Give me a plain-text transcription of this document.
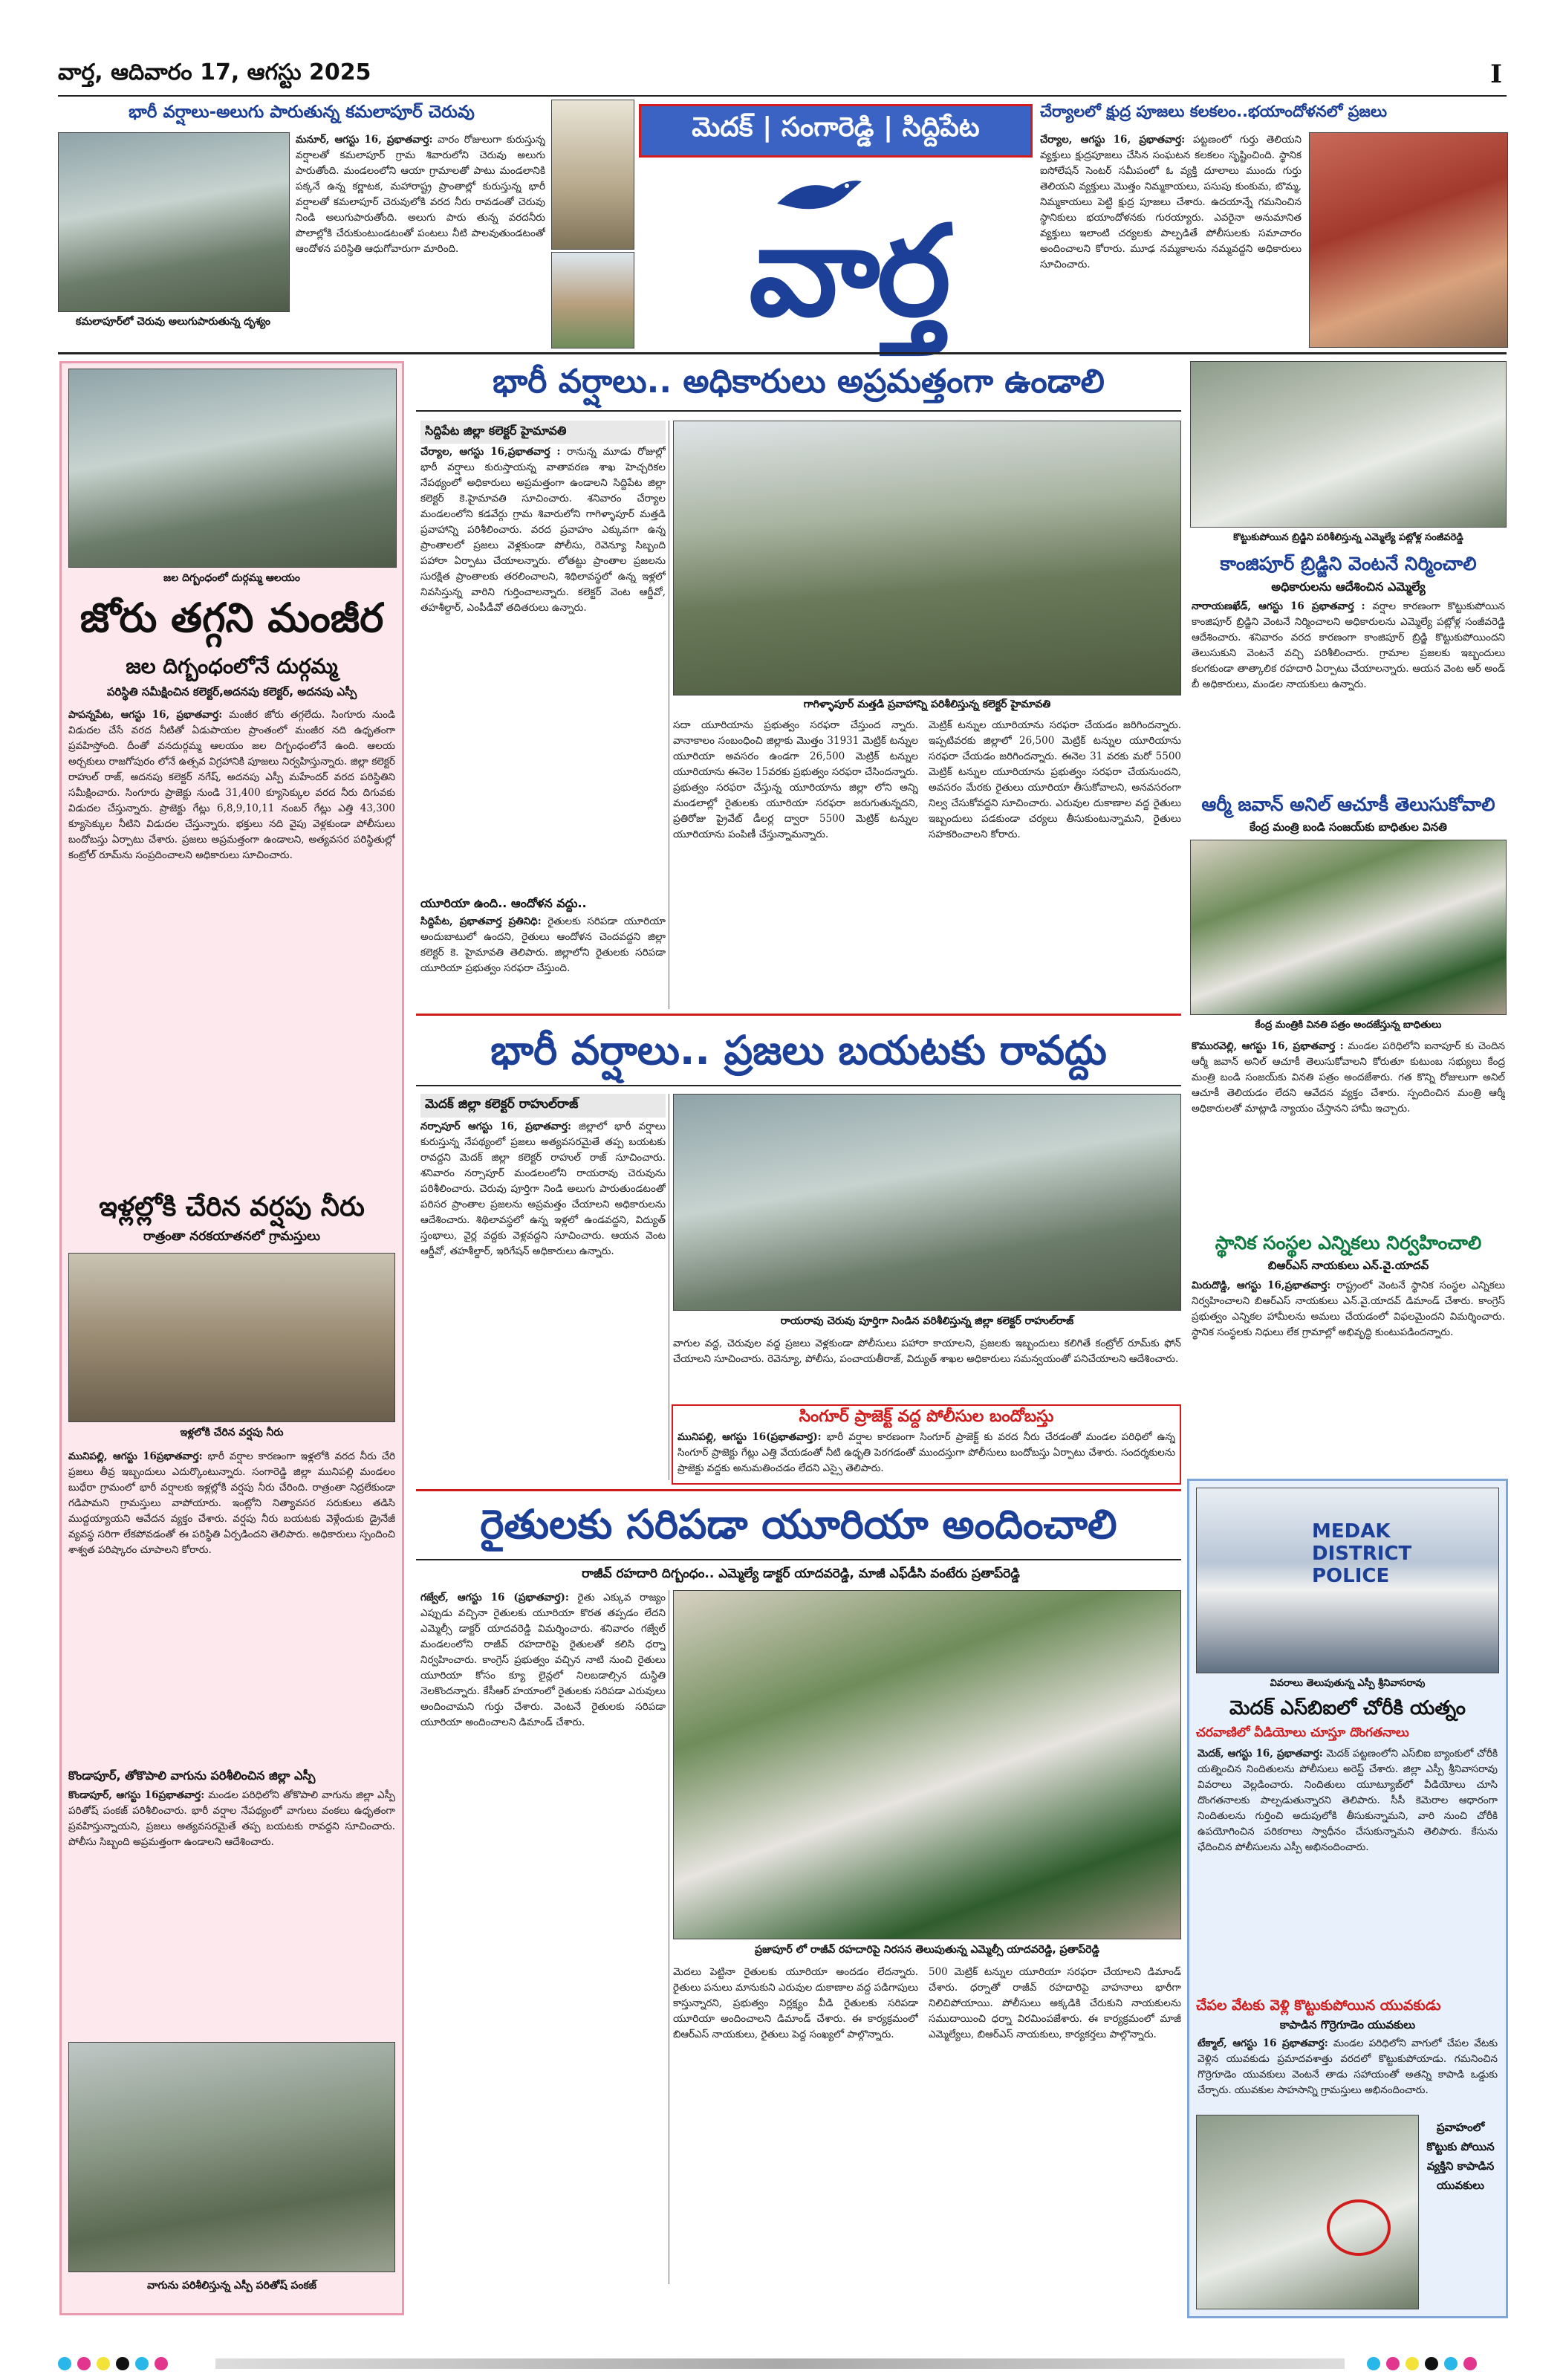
వార్త, ఆదివారం 17, ఆగస్టు 2025	I
భారీ వర్షాలు-అలుగు పారుతున్న కమలాపూర్ చెరువు
మనూర్, ఆగస్టు 16, ప్రభాతవార్త: వారం రోజులుగా కురుస్తున్న వర్షాలతో కమలాపూర్ గ్రామ శివారులోని చెరువు అలుగు పారుతోంది. మండలంలోని ఆయా గ్రామాలతో పాటు మండలానికి పక్కనే ఉన్న కర్ణాటక, మహారాష్ట్ర ప్రాంతాల్లో కురుస్తున్న భారీ వర్షాలతో కమలాపూర్ చెరువులోకి వరద నీరు రావడంతో చెరువు నిండి అలుగుపారుతోంది. అలుగు పారు తున్న వరదనీరు పొలాల్లోకి చేరుకుంటుండటంతో పంటలు నీటి పాలవుతుండటంతో ఆందోళన పరిస్థితి ఆధుగోవారుగా మారింది.
కమలాపూర్‌లో చెరువు అలుగుపారుతున్న దృశ్యం
మెదక్ | సంగారెడ్డి | సిద్దిపేట
వార్త
చేర్యాలలో క్షుద్ర పూజలు కలకలం..భయాందోళనలో ప్రజలు
చేర్యాల, ఆగస్టు 16, ప్రభాతవార్త: పట్టణంలో గుర్తు తెలియని వ్యక్తులు క్షుద్రపూజలు చేసిన సంఘటన కలకలం సృష్టించింది. స్థానిక ఐసోలేషన్ సెంటర్ సమీపంలో ఓ వ్యక్తి దూలాలు ముందు గుర్తు తెలియని వ్యక్తులు మొత్తం నిమ్మకాయలు, పసుపు కుంకుమ, బొమ్మ, నిమ్మకాయలు పెట్టి క్షుద్ర పూజలు చేశారు. ఉదయాన్నే గమనించిన స్థానికులు భయాందోళనకు గురయ్యారు. ఎవరైనా అనుమానిత వ్యక్తులు ఇలాంటి చర్యలకు పాల్పడితే పోలీసులకు సమాచారం అందించాలని కోరారు. మూఢ నమ్మకాలను నమ్మవద్దని అధికారులు సూచించారు.
జల దిగ్బంధంలో దుర్గమ్మ ఆలయం
జోరు తగ్గని మంజీర
జల దిగ్బంధంలోనే దుర్గమ్మ
పరిస్థితి సమీక్షించిన కలెక్టర్,అదనపు కలెక్టర్, అదనపు ఎస్పీ
పాపన్నపేట, ఆగస్టు 16, ప్రభాతవార్త: మంజీర జోరు తగ్గలేదు. సింగూరు నుండి విడుదల చేసే వరద నీటితో ఏడుపాయల ప్రాంతంలో మంజీర నది ఉధృతంగా ప్రవహిస్తోంది. దీంతో వనదుర్గమ్మ ఆలయం జల దిగ్బంధంలోనే ఉంది. ఆలయ అర్చకులు రాజగోపురం లోనే ఉత్సవ విగ్రహానికి పూజలు నిర్వహిస్తున్నారు. జిల్లా కలెక్టర్ రాహుల్ రాజ్, అదనపు కలెక్టర్ నగేష్, అదనపు ఎస్పీ మహేందర్ వరద పరిస్థితిని సమీక్షించారు. సింగూరు ప్రాజెక్టు నుండి 31,400 క్యూసెక్కుల వరద నీరు దిగువకు విడుదల చేస్తున్నారు. ప్రాజెక్టు గేట్లు 6,8,9,10,11 నంబర్ గేట్లు ఎత్తి 43,300 క్యూసెక్కుల నీటిని విడుదల చేస్తున్నారు. భక్తులు నది వైపు వెళ్లకుండా పోలీసులు బందోబస్తు ఏర్పాటు చేశారు. ప్రజలు అప్రమత్తంగా ఉండాలని, అత్యవసర పరిస్థితుల్లో కంట్రోల్ రూమ్‌ను సంప్రదించాలని అధికారులు సూచించారు.
ఇళ్లల్లోకి చేరిన వర్షపు నీరు
రాత్రంతా నరకయాతనలో గ్రామస్తులు
ఇళ్లలోకి చేరిన వర్షపు నీరు
మునిపల్లి, ఆగస్టు 16ప్రభాతవార్త: భారీ వర్షాల కారణంగా ఇళ్లలోకి వరద నీరు చేరి ప్రజలు తీవ్ర ఇబ్బందులు ఎదుర్కొంటున్నారు. సంగారెడ్డి జిల్లా మునిపల్లి మండలం బుధేరా గ్రామంలో భారీ వర్షాలకు ఇళ్లల్లోకి వర్షపు నీరు చేరింది. రాత్రంతా నిద్రలేకుండా గడిపామని గ్రామస్తులు వాపోయారు. ఇంట్లోని నిత్యావసర సరుకులు తడిసి ముద్దయ్యాయని ఆవేదన వ్యక్తం చేశారు. వర్షపు నీరు బయటకు వెళ్లేందుకు డ్రైనేజీ వ్యవస్థ సరిగా లేకపోవడంతో ఈ పరిస్థితి ఏర్పడిందని తెలిపారు. అధికారులు స్పందించి శాశ్వత పరిష్కారం చూపాలని కోరారు.
కొండాపూర్, తోకొపాలి వాగును పరిశీలించిన జిల్లా ఎస్పీ
కొండాపూర్, ఆగస్టు 16ప్రభాతవార్త: మండల పరిధిలోని తోకొపాలి వాగును జిల్లా ఎస్పీ పరితోష్ పంకజ్ పరిశీలించారు. భారీ వర్షాల నేపథ్యంలో వాగులు వంకలు ఉధృతంగా ప్రవహిస్తున్నాయని, ప్రజలు అత్యవసరమైతే తప్ప బయటకు రావద్దని సూచించారు. పోలీసు సిబ్బంది అప్రమత్తంగా ఉండాలని ఆదేశించారు.
వాగును పరిశీలిస్తున్న ఎస్పీ పరితోష్ పంకజ్
భారీ వర్షాలు.. అధికారులు అప్రమత్తంగా ఉండాలి
సిద్దిపేట జిల్లా కలెక్టర్ హైమావతి
చేర్యాల, ఆగస్టు 16,ప్రభాతవార్త : రానున్న మూడు రోజుల్లో భారీ వర్షాలు కురుస్తాయన్న వాతావరణ శాఖ హెచ్చరికల నేపథ్యంలో అధికారులు అప్రమత్తంగా ఉండాలని సిద్దిపేట జిల్లా కలెక్టర్ కె.హైమావతి సూచించారు. శనివారం చేర్యాల మండలంలోని కడవేర్గు గ్రామ శివారులోని గాగిళ్ళాపూర్ మత్తడి ప్రవాహాన్ని పరిశీలించారు. వరద ప్రవాహం ఎక్కువగా ఉన్న ప్రాంతాలలో ప్రజలు వెళ్లకుండా పోలీసు, రెవెన్యూ సిబ్బంది పహారా ఏర్పాటు చేయాలన్నారు. లోతట్టు ప్రాంతాల ప్రజలను సురక్షిత ప్రాంతాలకు తరలించాలని, శిథిలావస్థలో ఉన్న ఇళ్లలో నివసిస్తున్న వారిని గుర్తించాలన్నారు. కలెక్టర్ వెంట ఆర్డీవో, తహశీల్దార్, ఎంపీడీవో తదితరులు ఉన్నారు.
యూరియా ఉంది.. ఆందోళన వద్దు..
సిద్దిపేట, ప్రభాతవార్త ప్రతినిధి: రైతులకు సరిపడా యూరియా అందుబాటులో ఉందని, రైతులు ఆందోళన చెందవద్దని జిల్లా కలెక్టర్ కె. హైమావతి తెలిపారు. జిల్లాలోని రైతులకు సరిపడా యూరియా ప్రభుత్వం సరఫరా చేస్తుంది.
గాగిళ్ళాపూర్ మత్తడి ప్రవాహాన్ని పరిశీలిస్తున్న కలెక్టర్ హైమావతి
సదా యూరియాను ప్రభుత్వం సరఫరా చేస్తుంద న్నారు. వానాకాలం సంబంధించి జిల్లాకు మొత్తం 31931 మెట్రిక్ టన్నుల యూరియా అవసరం ఉండగా 26,500 మెట్రిక్ టన్నుల యూరియాను ఈనెల 15వరకు ప్రభుత్వం సరఫరా చేసిందన్నారు. ప్రభుత్వం సరఫరా చేస్తున్న యూరియాను జిల్లా లోని అన్ని మండలాల్లో రైతులకు యూరియా సరఫరా జరుగుతున్నదని, ప్రతిరోజు ప్రైవేట్ డీలర్ల ద్వారా 5500 మెట్రిక్ టన్నుల యూరియాను పంపిణీ చేస్తున్నామన్నారు.
మెట్రిక్ టన్నుల యూరియాను సరఫరా చేయడం జరిగిందన్నారు. ఇప్పటివరకు జిల్లాలో 26,500 మెట్రిక్ టన్నుల యూరియాను సరఫరా చేయడం జరిగిందన్నారు. ఈనెల 31 వరకు మరో 5500 మెట్రిక్ టన్నుల యూరియాను ప్రభుత్వం సరఫరా చేయనుందని, అవసరం మేరకు రైతులు యూరియా తీసుకోవాలని, అనవసరంగా నిల్వ చేసుకోవద్దని సూచించారు. ఎరువుల దుకాణాల వద్ద రైతులు ఇబ్బందులు పడకుండా చర్యలు తీసుకుంటున్నామని, రైతులు సహకరించాలని కోరారు.
భారీ వర్షాలు.. ప్రజలు బయటకు రావద్దు
మెదక్ జిల్లా కలెక్టర్ రాహుల్‌రాజ్
నర్సాపూర్ ఆగస్టు 16, ప్రభాతవార్త: జిల్లాలో భారీ వర్షాలు కురుస్తున్న నేపథ్యంలో ప్రజలు అత్యవసరమైతే తప్ప బయటకు రావద్దని మెదక్ జిల్లా కలెక్టర్ రాహుల్ రాజ్ సూచించారు. శనివారం నర్సాపూర్ మండలంలోని రాయరావు చెరువును పరిశీలించారు. చెరువు పూర్తిగా నిండి అలుగు పారుతుండటంతో పరిసర ప్రాంతాల ప్రజలను అప్రమత్తం చేయాలని అధికారులను ఆదేశించారు. శిథిలావస్థలో ఉన్న ఇళ్లలో ఉండవద్దని, విద్యుత్ స్తంభాలు, వైర్ల వద్దకు వెళ్లవద్దని సూచించారు. ఆయన వెంట ఆర్డీవో, తహశీల్దార్, ఇరిగేషన్ అధికారులు ఉన్నారు.
రాయరావు చెరువు పూర్తిగా నిండిన వరిశీలిస్తున్న జిల్లా కలెక్టర్ రాహుల్‌రాజ్
వాగుల వద్ద, చెరువుల వద్ద ప్రజలు వెళ్లకుండా పోలీసులు పహారా కాయాలని, ప్రజలకు ఇబ్బందులు కలిగితే కంట్రోల్ రూమ్‌కు ఫోన్ చేయాలని సూచించారు. రెవెన్యూ, పోలీసు, పంచాయతీరాజ్, విద్యుత్ శాఖల అధికారులు సమన్వయంతో పనిచేయాలని ఆదేశించారు.
సింగూర్ ప్రాజెక్ట్ వద్ద పోలీసుల బందోబస్తు
మునిపల్లి, ఆగస్టు 16(ప్రభాతవార్త): భారీ వర్షాల కారణంగా సింగూర్ ప్రాజెక్ట్ కు వరద నీరు చేరడంతో మండల పరిధిలో ఉన్న సింగూర్ ప్రాజెక్టు గేట్లు ఎత్తి వేయడంతో నీటి ఉధృతి పెరగడంతో ముందస్తుగా పోలీసులు బందోబస్తు ఏర్పాటు చేశారు. సందర్శకులను ప్రాజెక్టు వద్దకు అనుమతించడం లేదని ఎస్సై తెలిపారు.
రైతులకు సరిపడా యూరియా అందించాలి
రాజీవ్ రహదారి దిగ్బంధం.. ఎమ్మెల్యే డాక్టర్ యాదవరెడ్డి, మాజీ ఎఫ్‌డీసి వంటేరు ప్రతాప్‌రెడ్డి
గజ్వేల్, ఆగస్టు 16 (ప్రభాతవార్త): రైతు ఎక్కువ రాజ్యం ఎప్పుడు వచ్చినా రైతులకు యూరియా కొరత తప్పడం లేదని ఎమ్మెల్సీ డాక్టర్ యాదవరెడ్డి విమర్శించారు. శనివారం గజ్వేల్ మండలంలోని రాజీవ్ రహదారిపై రైతులతో కలిసి ధర్నా నిర్వహించారు. కాంగ్రెస్ ప్రభుత్వం వచ్చిన నాటి నుంచి రైతులు యూరియా కోసం క్యూ లైన్లలో నిలబడాల్సిన దుస్థితి నెలకొందన్నారు. కేసీఆర్ హయాంలో రైతులకు సరిపడా ఎరువులు అందించామని గుర్తు చేశారు. వెంటనే రైతులకు సరిపడా యూరియా అందించాలని డిమాండ్ చేశారు.
ప్రజాపూర్ లో రాజీవ్ రహదారిపై నిరసన తెలుపుతున్న ఎమ్మెల్సీ యాదవరెడ్డి, ప్రతాప్‌రెడ్డి
మెదలు పెట్టినా రైతులకు యూరియా అందడం లేదన్నారు. రైతులు పనులు మానుకుని ఎరువుల దుకాణాల వద్ద పడిగాపులు కాస్తున్నారని, ప్రభుత్వం నిర్లక్ష్యం వీడి రైతులకు సరిపడా యూరియా అందించాలని డిమాండ్ చేశారు. ఈ కార్యక్రమంలో బిఆర్ఎస్ నాయకులు, రైతులు పెద్ద సంఖ్యలో పాల్గొన్నారు.
500 మెట్రిక్ టన్నుల యూరియా సరఫరా చేయాలని డిమాండ్ చేశారు. ధర్నాతో రాజీవ్ రహదారిపై వాహనాలు భారీగా నిలిచిపోయాయి. పోలీసులు అక్కడికి చేరుకుని నాయకులను సముదాయించి ధర్నా విరమింపజేశారు. ఈ కార్యక్రమంలో మాజీ ఎమ్మెల్యేలు, బిఆర్ఎస్ నాయకులు, కార్యకర్తలు పాల్గొన్నారు.
కొట్టుకుపోయిన బ్రిడ్జిని పరిశీలిస్తున్న ఎమ్మెల్యే పట్లోళ్ల సంజీవరెడ్డి
కాంజిపూర్ బ్రిడ్జిని వెంటనే నిర్మించాలి
అధికారులను ఆదేశించిన ఎమ్మెల్యే
నారాయణఖేడ్, ఆగస్టు 16 ప్రభాతవార్త : వర్షాల కారణంగా కొట్టుకుపోయిన కాంజిపూర్ బ్రిడ్జిని వెంటనే నిర్మించాలని అధికారులను ఎమ్మెల్యే పట్లోళ్ల సంజీవరెడ్డి ఆదేశించారు. శనివారం వరద కారణంగా కాంజిపూర్ బ్రిడ్జి కొట్టుకుపోయిందని తెలుసుకుని వెంటనే వచ్చి పరిశీలించారు. గ్రామాల ప్రజలకు ఇబ్బందులు కలగకుండా తాత్కాలిక రహదారి ఏర్పాటు చేయాలన్నారు. ఆయన వెంట ఆర్ అండ్ బీ అధికారులు, మండల నాయకులు ఉన్నారు.
ఆర్మీ జవాన్ అనిల్ ఆచూకీ తెలుసుకోవాలి
కేంద్ర మంత్రి బండి సంజయ్‌కు బాధితుల వినతి
కేంద్ర మంత్రికి వినతి పత్రం అందజేస్తున్న బాధితులు
కొమురవెల్లి, ఆగస్టు 16, ప్రభాతవార్త : మండల పరిధిలోని ఐనాపూర్ కు చెందిన ఆర్మీ జవాన్ అనిల్ ఆచూకీ తెలుసుకోవాలని కోరుతూ కుటుంబ సభ్యులు కేంద్ర మంత్రి బండి సంజయ్‌కు వినతి పత్రం అందజేశారు. గత కొన్ని రోజులుగా అనిల్ ఆచూకీ తెలియడం లేదని ఆవేదన వ్యక్తం చేశారు. స్పందించిన మంత్రి ఆర్మీ అధికారులతో మాట్లాడి న్యాయం చేస్తానని హామీ ఇచ్చారు.
స్థానిక సంస్థల ఎన్నికలు నిర్వహించాలి
బిఆర్ఎస్ నాయకులు ఎన్.వై.యాదవ్
మిరుదొడ్డి, ఆగస్టు 16,ప్రభాతవార్త: రాష్ట్రంలో వెంటనే స్థానిక సంస్థల ఎన్నికలు నిర్వహించాలని బిఆర్ఎస్ నాయకులు ఎన్.వై.యాదవ్ డిమాండ్ చేశారు. కాంగ్రెస్ ప్రభుత్వం ఎన్నికల హామీలను అమలు చేయడంలో విఫలమైందని విమర్శించారు. స్థానిక సంస్థలకు నిధులు లేక గ్రామాల్లో అభివృద్ధి కుంటుపడిందన్నారు.
MEDAK
DISTRICT POLICE
వివరాలు తెలుపుతున్న ఎస్పీ శ్రీనివాసరావు
మెదక్ ఎస్‌బిఐలో చోరీకి యత్నం
చరవాణిలో వీడియోలు చూస్తూ దొంగతనాలు
మెదక్, ఆగస్టు 16, ప్రభాతవార్త: మెదక్ పట్టణంలోని ఎస్‌బిఐ బ్యాంకులో చోరీకి యత్నించిన నిందితులను పోలీసులు అరెస్ట్ చేశారు. జిల్లా ఎస్పీ శ్రీనివాసరావు వివరాలు వెల్లడించారు. నిందితులు యూట్యూబ్‌లో వీడియోలు చూసి దొంగతనాలకు పాల్పడుతున్నారని తెలిపారు. సీసీ కెమెరాల ఆధారంగా నిందితులను గుర్తించి అదుపులోకి తీసుకున్నామని, వారి నుంచి చోరీకి ఉపయోగించిన పరికరాలు స్వాధీనం చేసుకున్నామని తెలిపారు. కేసును ఛేదించిన పోలీసులను ఎస్పీ అభినందించారు.
చేపల వేటకు వెళ్లి కొట్టుకుపోయిన యువకుడు
కాపాడిన గొర్రెగూడెం యువకులు
టేక్మాల్, ఆగస్టు 16 ప్రభాతవార్త: మండల పరిధిలోని వాగులో చేపల వేటకు వెళ్లిన యువకుడు ప్రమాదవశాత్తు వరదలో కొట్టుకుపోయాడు. గమనించిన గొర్రెగూడెం యువకులు వెంటనే తాడు సహాయంతో అతన్ని కాపాడి ఒడ్డుకు చేర్చారు. యువకుల సాహసాన్ని గ్రామస్తులు అభినందించారు.
ప్రవాహంలో కొట్టుకు పోయిన వ్యక్తిని కాపాడిన యువకులు
